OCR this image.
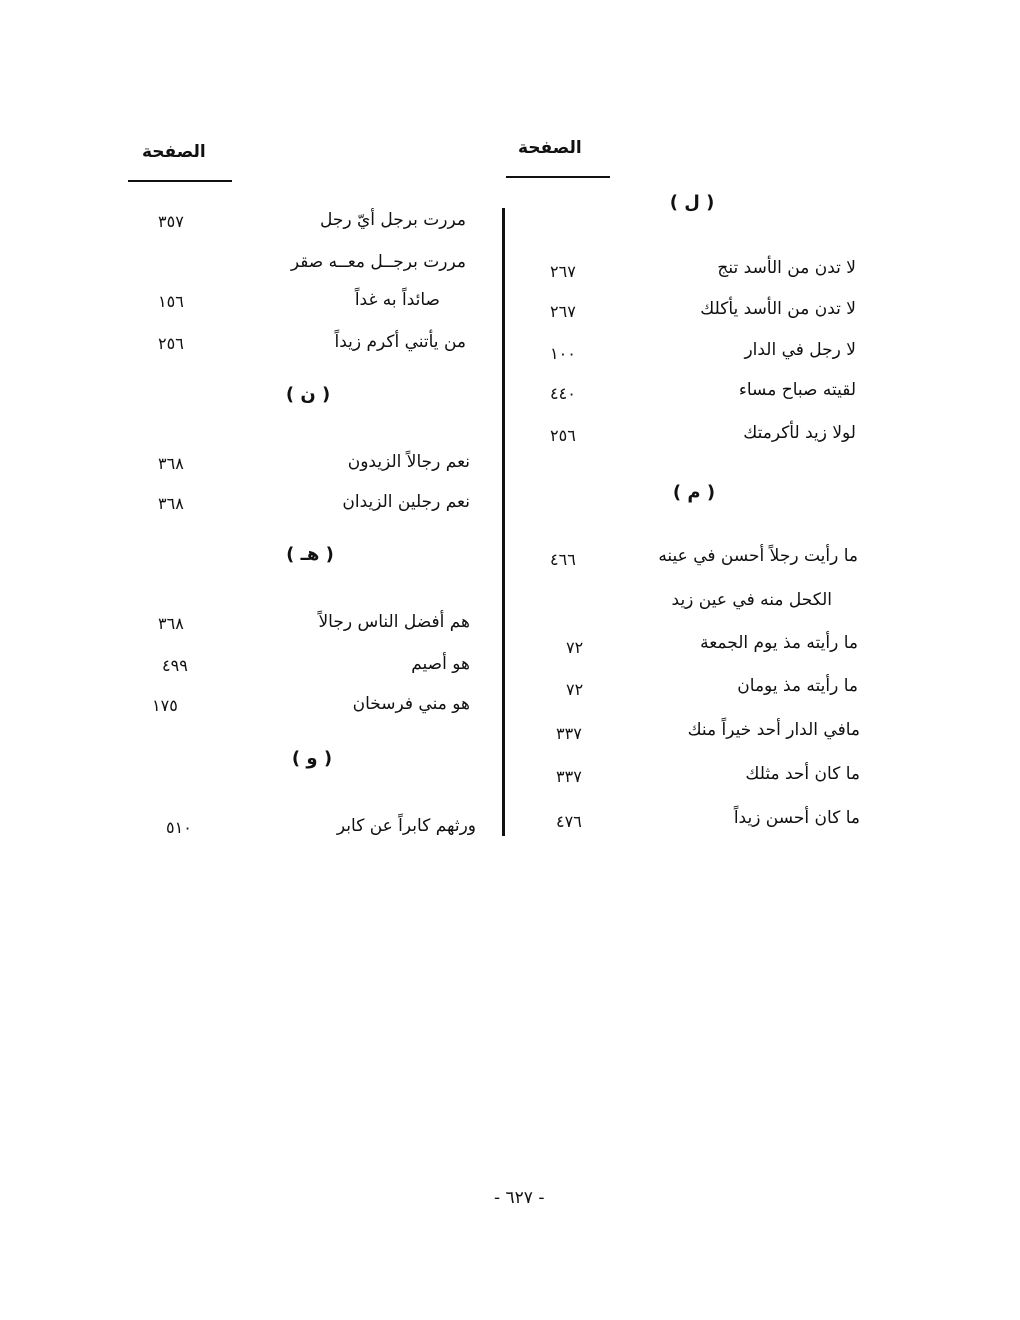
الصفحة	الصفحة
( ل )
لا تدن من الأسد تنج
٢٦٧
لا تدن من الأسد يأكلك
٢٦٧
لا رجل في الدار
١٠٠
لقيته صباح مساء
٤٤٠
لولا زيد لأكرمتك
٢٥٦
( م )
ما رأيت رجلاً أحسن في عينه
٤٦٦
الكحل منه في عين زيد
ما رأيته مذ يوم الجمعة
٧٢
ما رأيته مذ يومان
٧٢
مافي الدار أحد خيراً منك
٣٣٧
ما كان أحد مثلك
٣٣٧
ما كان أحسن زيداً
٤٧٦
مررت برجل أيّ رجل
٣٥٧
مررت برجــل معــه صقر
صائداً به غداً
١٥٦
من يأتني أكرم زيداً
٢٥٦
( ن )
نعم رجالاً الزيدون
٣٦٨
نعم رجلين الزيدان
٣٦٨
( هـ )
هم أفضل الناس رجالاً
٣٦٨
هو أصيم
٤٩٩
هو مني فرسخان
١٧٥
( و )
ورثهم كابراً عن كابر
٥١٠
- ٦٢٧ -
